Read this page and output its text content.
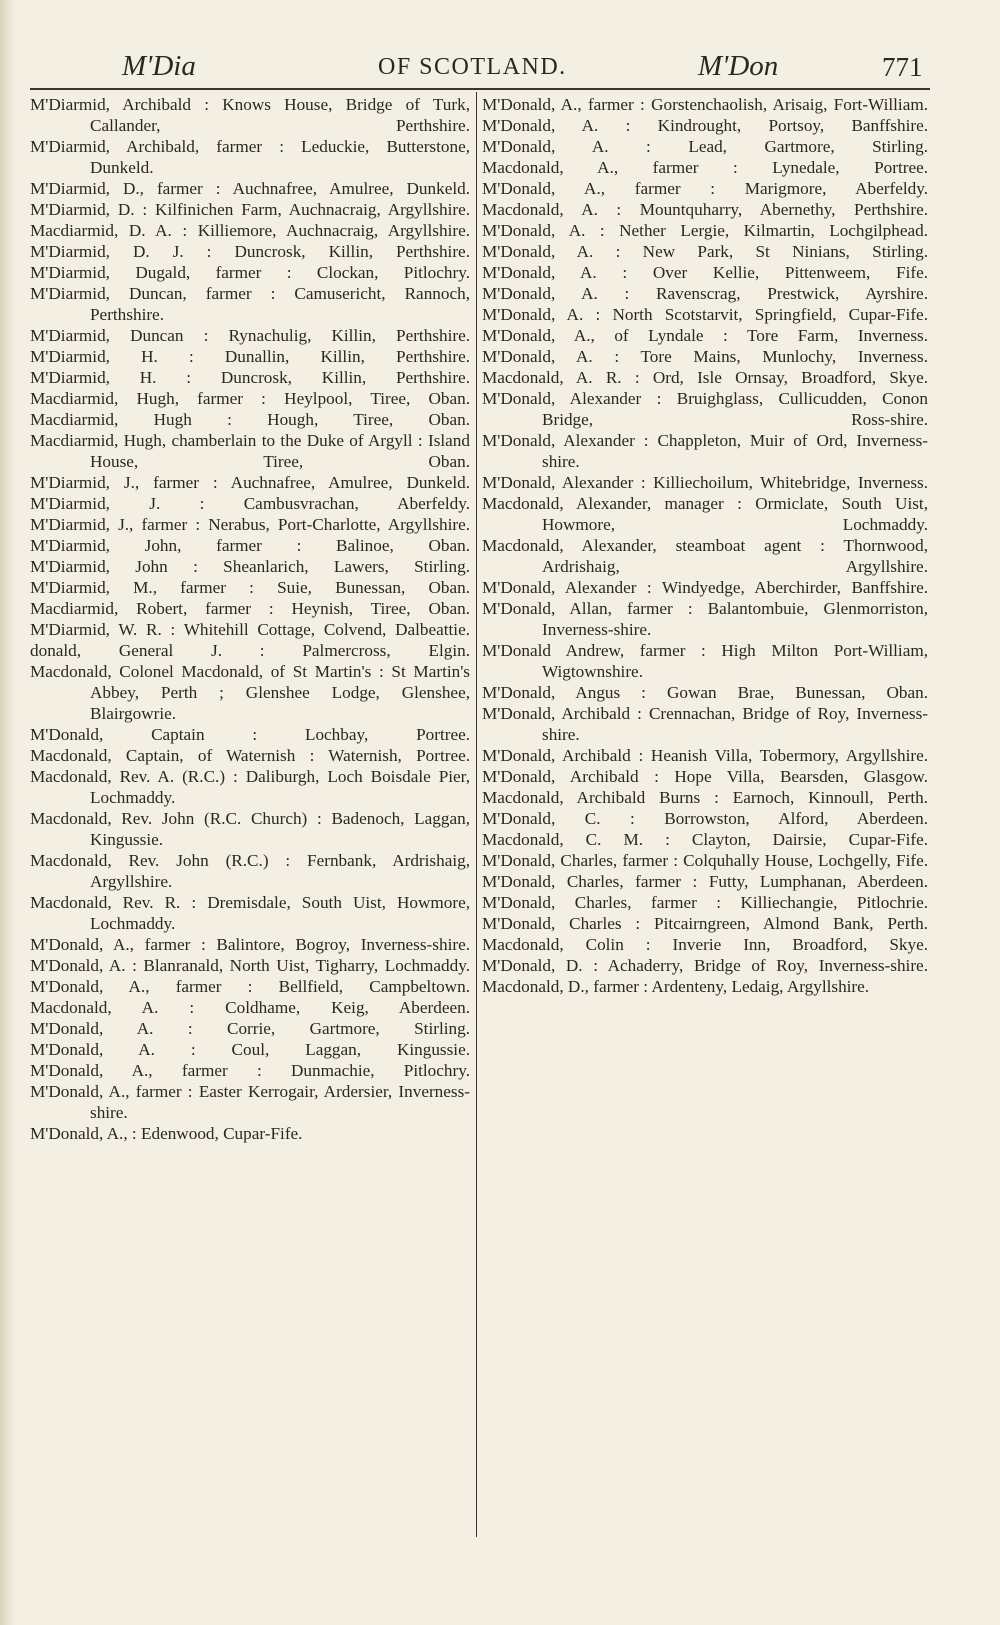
M'Dia	OF SCOTLAND.	M'Don	771
M'Diarmid, Archibald : Knows House, Bridge of Turk, Callander, Perthshire.
M'Diarmid, Archibald, farmer : Leduckie, Butterstone, Dunkeld.
M'Diarmid, D., farmer : Auchnafree, Amulree, Dunkeld.
M'Diarmid, D. : Kilfinichen Farm, Auchnacraig, Argyllshire.
Macdiarmid, D. A. : Killiemore, Auchnacraig, Argyllshire.
M'Diarmid, D. J. : Duncrosk, Killin, Perthshire.
M'Diarmid, Dugald, farmer : Clockan, Pitlochry.
M'Diarmid, Duncan, farmer : Camusericht, Rannoch, Perthshire.
M'Diarmid, Duncan : Rynachulig, Killin, Perthshire.
M'Diarmid, H. : Dunallin, Killin, Perthshire.
M'Diarmid, H. : Duncrosk, Killin, Perthshire.
Macdiarmid, Hugh, farmer : Heylpool, Tiree, Oban.
Macdiarmid, Hugh : Hough, Tiree, Oban.
Macdiarmid, Hugh, chamberlain to the Duke of Argyll : Island House, Tiree, Oban.
M'Diarmid, J., farmer : Auchnafree, Amulree, Dunkeld.
M'Diarmid, J. : Cambusvrachan, Aberfeldy.
M'Diarmid, J., farmer : Nerabus, Port-Charlotte, Argyllshire.
M'Diarmid, John, farmer : Balinoe, Oban.
M'Diarmid, John : Sheanlarich, Lawers, Stirling.
M'Diarmid, M., farmer : Suie, Bunessan, Oban.
Macdiarmid, Robert, farmer : Heynish, Tiree, Oban.
M'Diarmid, W. R. : Whitehill Cottage, Colvend, Dalbeattie.
donald, General J. : Palmercross, Elgin.
Macdonald, Colonel Macdonald, of St Martin's : St Martin's Abbey, Perth ; Glenshee Lodge, Glenshee, Blairgowrie.
M'Donald, Captain : Lochbay, Portree.
Macdonald, Captain, of Waternish : Waternish, Portree.
Macdonald, Rev. A. (R.C.) : Daliburgh, Loch Boisdale Pier, Lochmaddy.
Macdonald, Rev. John (R.C. Church) : Badenoch, Laggan, Kingussie.
Macdonald, Rev. John (R.C.) : Fernbank, Ardrishaig, Argyllshire.
Macdonald, Rev. R. : Dremisdale, South Uist, Howmore, Lochmaddy.
M'Donald, A., farmer : Balintore, Bogroy, Inverness-shire.
M'Donald, A. : Blanranald, North Uist, Tigharry, Lochmaddy.
M'Donald, A., farmer : Bellfield, Campbeltown.
Macdonald, A. : Coldhame, Keig, Aberdeen.
M'Donald, A. : Corrie, Gartmore, Stirling.
M'Donald, A. : Coul, Laggan, Kingussie.
M'Donald, A., farmer : Dunmachie, Pitlochry.
M'Donald, A., farmer : Easter Kerrogair, Ardersier, Inverness-shire.
M'Donald, A., : Edenwood, Cupar-Fife.
M'Donald, A., farmer : Gorstenchaolish, Arisaig, Fort-William.
M'Donald, A. : Kindrought, Portsoy, Banffshire.
M'Donald, A. : Lead, Gartmore, Stirling.
Macdonald, A., farmer : Lynedale, Portree.
M'Donald, A., farmer : Marigmore, Aberfeldy.
Macdonald, A. : Mountquharry, Abernethy, Perthshire.
M'Donald, A. : Nether Lergie, Kilmartin, Lochgilphead.
M'Donald, A. : New Park, St Ninians, Stirling.
M'Donald, A. : Over Kellie, Pittenweem, Fife.
M'Donald, A. : Ravenscrag, Prestwick, Ayrshire.
M'Donald, A. : North Scotstarvit, Springfield, Cupar-Fife.
M'Donald, A., of Lyndale : Tore Farm, Inverness.
M'Donald, A. : Tore Mains, Munlochy, Inverness.
Macdonald, A. R. : Ord, Isle Ornsay, Broadford, Skye.
M'Donald, Alexander : Bruighglass, Cullicudden, Conon Bridge, Ross-shire.
M'Donald, Alexander : Chappleton, Muir of Ord, Inverness-shire.
M'Donald, Alexander : Killiechoilum, Whitebridge, Inverness.
Macdonald, Alexander, manager : Ormiclate, South Uist, Howmore, Lochmaddy.
Macdonald, Alexander, steamboat agent : Thornwood, Ardrishaig, Argyllshire.
M'Donald, Alexander : Windyedge, Aberchirder, Banffshire.
M'Donald, Allan, farmer : Balantombuie, Glenmorriston, Inverness-shire.
M'Donald Andrew, farmer : High Milton Port-William, Wigtownshire.
M'Donald, Angus : Gowan Brae, Bunessan, Oban.
M'Donald, Archibald : Crennachan, Bridge of Roy, Inverness-shire.
M'Donald, Archibald : Heanish Villa, Tobermory, Argyllshire.
M'Donald, Archibald : Hope Villa, Bearsden, Glasgow.
Macdonald, Archibald Burns : Earnoch, Kinnoull, Perth.
M'Donald, C. : Borrowston, Alford, Aberdeen.
Macdonald, C. M. : Clayton, Dairsie, Cupar-Fife.
M'Donald, Charles, farmer : Colquhally House, Lochgelly, Fife.
M'Donald, Charles, farmer : Futty, Lumphanan, Aberdeen.
M'Donald, Charles, farmer : Killiechangie, Pitlochrie.
M'Donald, Charles : Pitcairngreen, Almond Bank, Perth.
Macdonald, Colin : Inverie Inn, Broadford, Skye.
M'Donald, D. : Achaderry, Bridge of Roy, Inverness-shire.
Macdonald, D., farmer : Ardenteny, Ledaig, Argyllshire.
